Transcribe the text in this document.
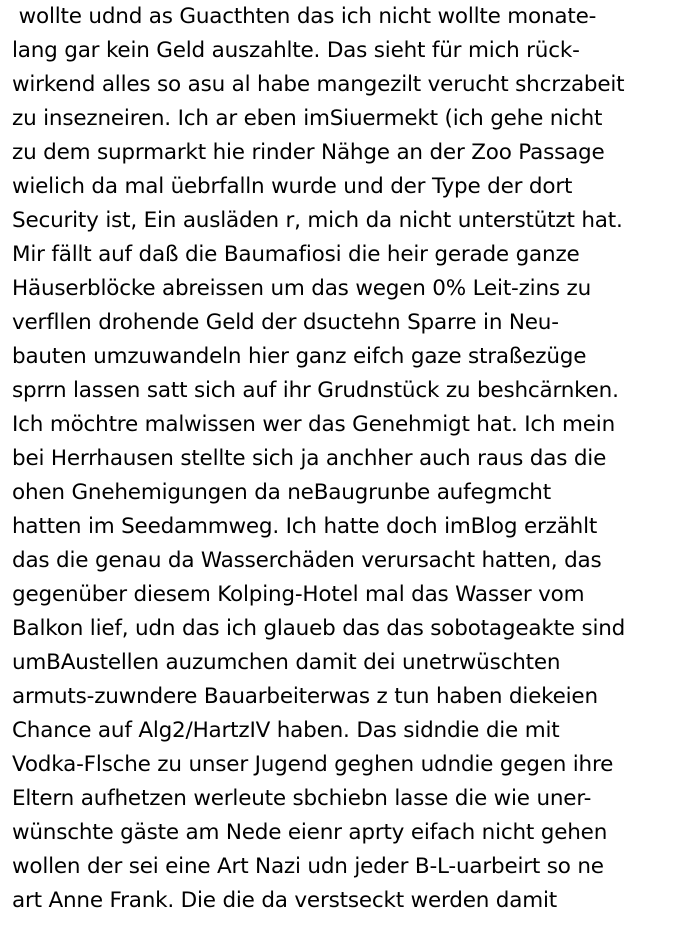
wollte udnd as Guacthten das ich nicht wollte monate-
lang gar kein Geld auszahlte. Das sieht für mich rück-
wirkend alles so asu al habe mangezilt verucht shcrzabeit
zu insezneiren. Ich ar eben imSiuermekt (ich gehe nicht
zu dem suprmarkt hie rinder Nähge an der Zoo Passage
wielich da mal üebrfalln wurde und der Type der dort
Security ist, Ein ausläden r, mich da nicht unterstützt hat.
Mir fällt auf daß die Baumafiosi die heir gerade ganze
Häuserblöcke abreissen um das wegen 0% Leit-zins zu
verfllen drohende Geld der dsuctehn Sparre in Neu-
bauten umzuwandeln hier ganz eifch gaze straßezüge
sprrn lassen satt sich auf ihr Grudnstück zu beshcärnken.
Ich möchtre malwissen wer das Genehmigt hat. Ich mein
bei Herrhausen stellte sich ja anchher auch raus das die
ohen Gnehemigungen da neBaugrunbe aufegmcht
hatten im Seedammweg. Ich hatte doch imBlog erzählt
das die genau da Wasserchäden verursacht hatten, das
gegenüber diesem Kolping-Hotel mal das Wasser vom
Balkon lief, udn das ich glaueb das das sobotageakte sind
umBAustellen auzumchen damit dei unetrwüschten
armuts-zuwndere Bauarbeiterwas z tun haben diekeien
Chance auf Alg2/HartzIV haben. Das sidndie die mit
Vodka-Flsche zu unser Jugend geghen udndie gegen ihre
Eltern aufhetzen werleute sbchiebn lasse die wie uner-
wünschte gäste am Nede eienr aprty eifach nicht gehen
wollen der sei eine Art Nazi udn jeder B-L-uarbeirt so ne
art Anne Frank. Die die da verstseckt werden damit
